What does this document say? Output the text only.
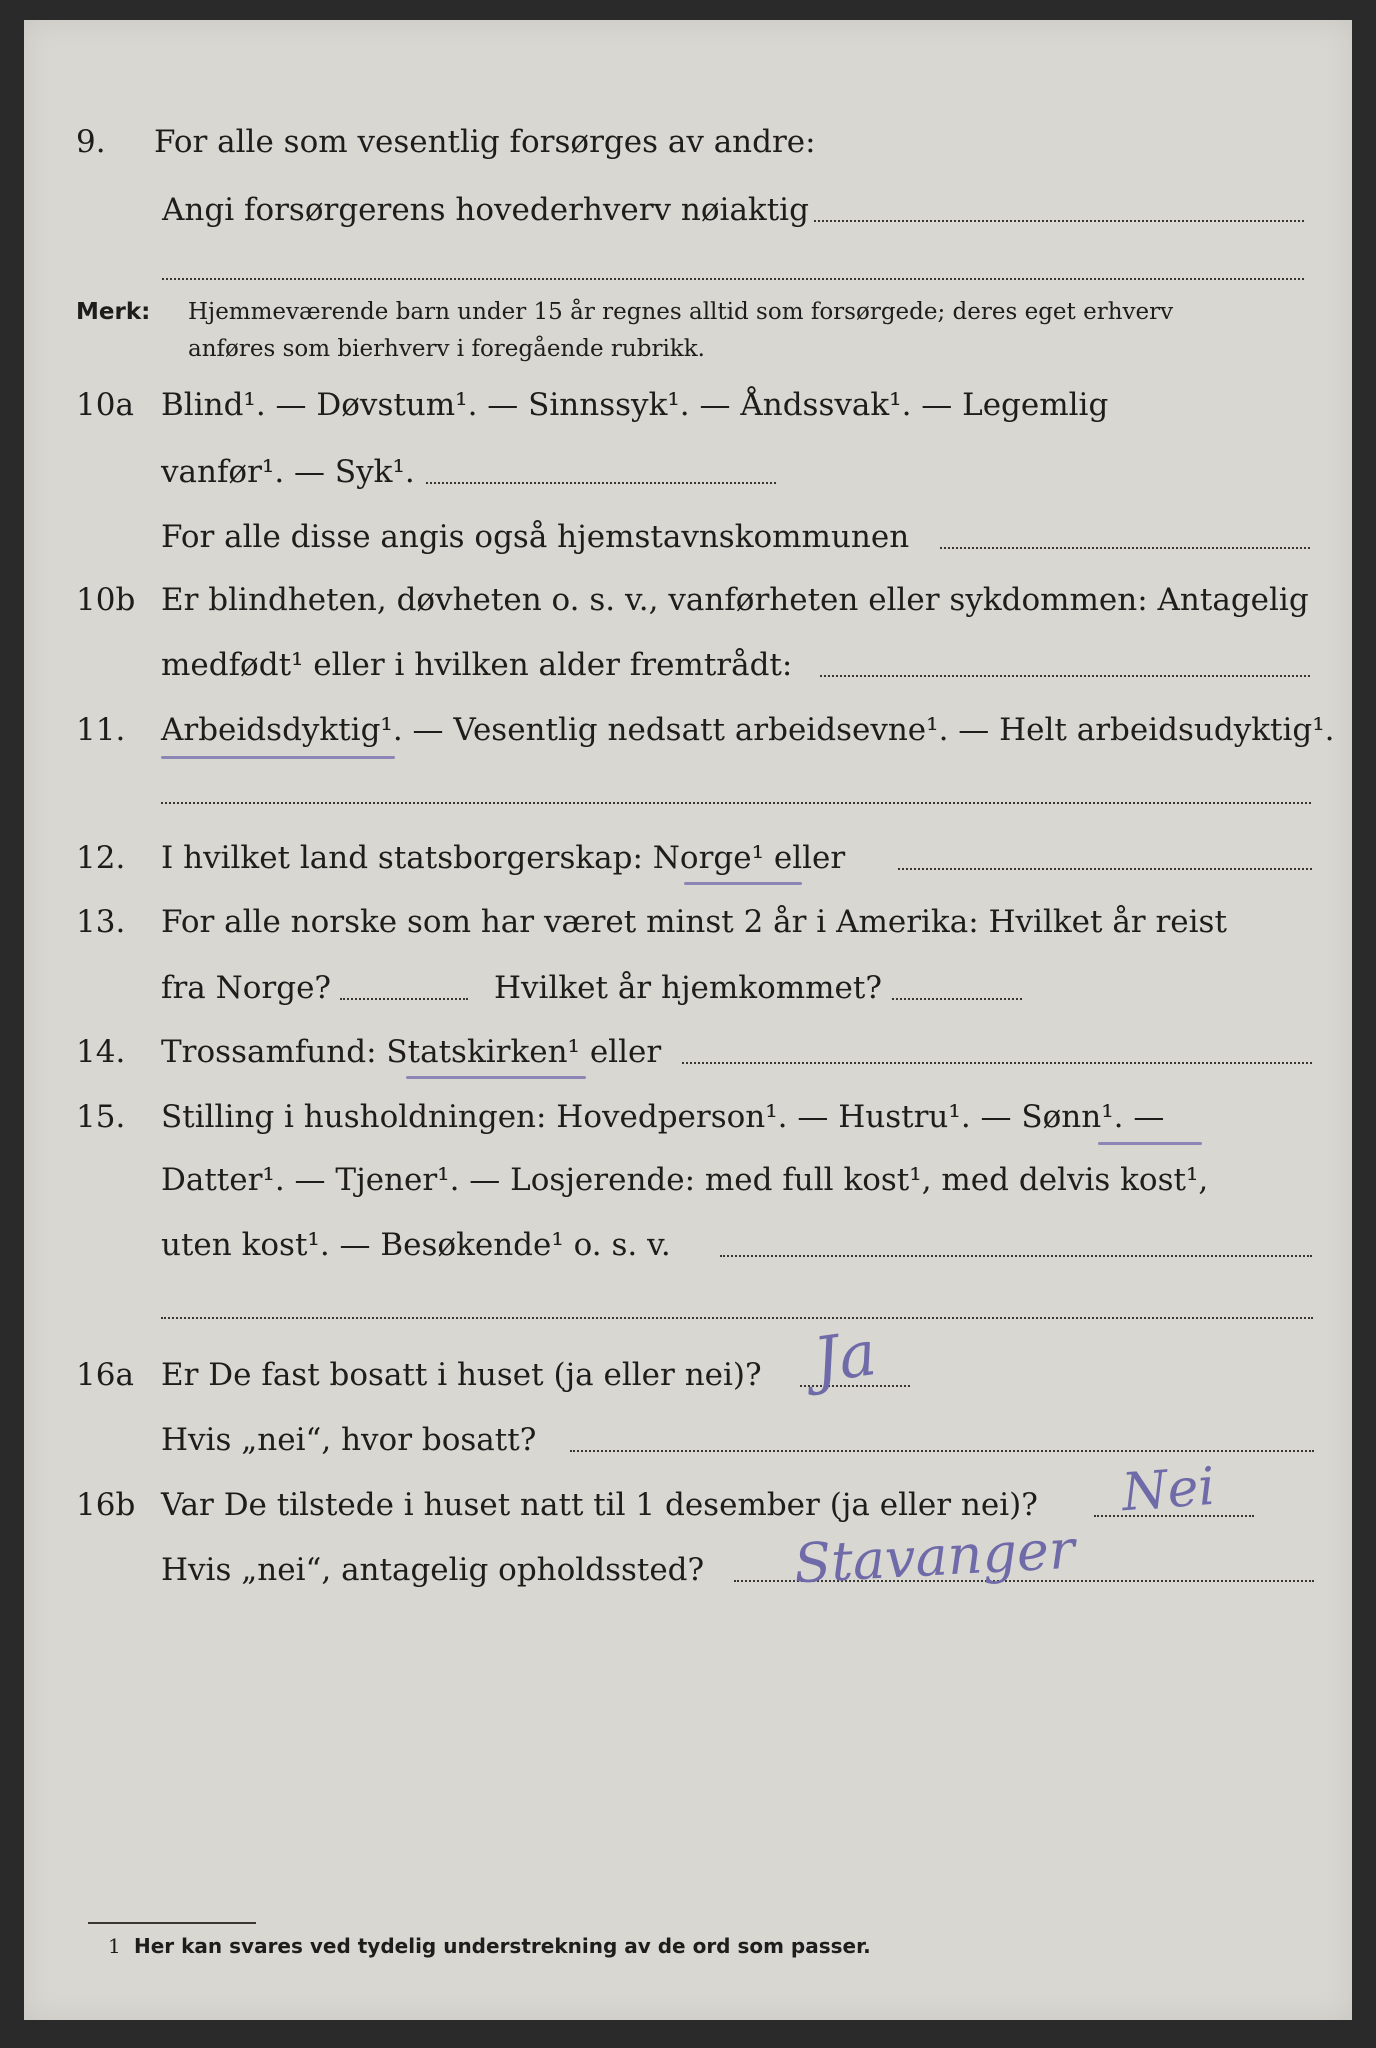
9. For alle som vesentlig forsørges av andre:
Angi forsørgerens hovederhverv nøiaktig
Merk: Hjemmeværende barn under 15 år regnes alltid som forsørgede; deres eget erhverv
anføres som bierhverv i foregående rubrikk.
10a Blind¹. — Døvstum¹. — Sinnssyk¹. — Åndssvak¹. — Legemlig
vanfør¹. — Syk¹.
For alle disse angis også hjemstavnskommunen
10b Er blindheten, døvheten o. s. v., vanførheten eller sykdommen: Antagelig
medfødt¹ eller i hvilken alder fremtrådt:
11. Arbeidsdyktig¹. — Vesentlig nedsatt arbeidsevne¹. — Helt arbeidsudyktig¹.
12. I hvilket land statsborgerskap: Norge¹ eller
13. For alle norske som har været minst 2 år i Amerika: Hvilket år reist
fra Norge?	Hvilket år hjemkommet?
14. Trossamfund: Statskirken¹ eller
15. Stilling i husholdningen: Hovedperson¹. — Hustru¹. — Sønn¹. —
Datter¹. — Tjener¹. — Losjerende: med full kost¹, med delvis kost¹,
uten kost¹. — Besøkende¹ o. s. v.
16a Er De fast bosatt i huset (ja eller nei)? Ja
Hvis „nei“, hvor bosatt?
16b Var De tilstede i huset natt til 1 desember (ja eller nei)? Nei
Hvis „nei“, antagelig opholdssted? Stavanger
1 Her kan svares ved tydelig understrekning av de ord som passer.
